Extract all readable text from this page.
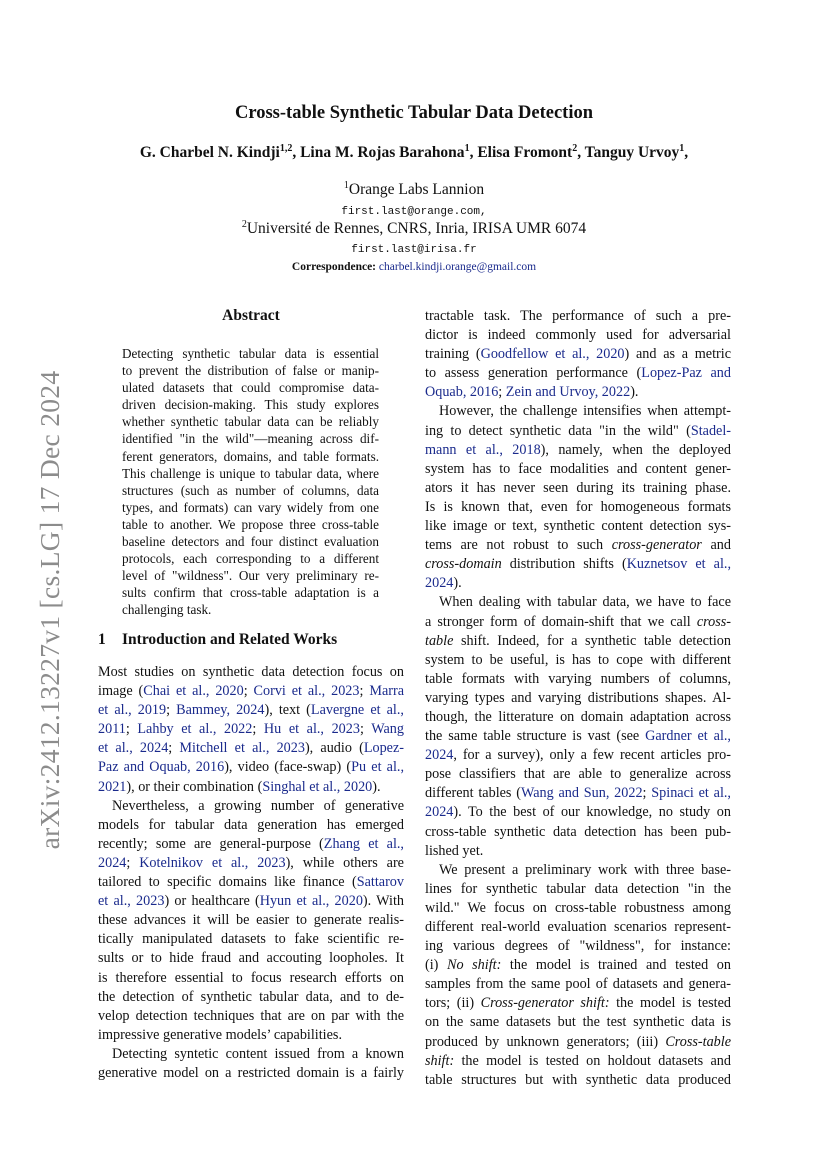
arXiv:2412.13227v1 [cs.LG] 17 Dec 2024
Cross-table Synthetic Tabular Data Detection
G. Charbel N. Kindji$^{1,2}$, Lina M. Rojas Barahona$^1$, Elisa Fromont$^2$, Tanguy Urvoy$^1$,
$^1$Orange Labs Lannion
first.last@orange.com,
$^2$Université de Rennes, CNRS, Inria, IRISA UMR 6074
first.last@irisa.fr
Correspondence: charbel.kindji.orange@gmail.com
Abstract
Detecting synthetic tabular data is essential
to prevent the distribution of false or manip-
ulated datasets that could compromise data-
driven decision-making. This study explores
whether synthetic tabular data can be reliably
identified "in the wild"—meaning across dif-
ferent generators, domains, and table formats.
This challenge is unique to tabular data, where
structures (such as number of columns, data
types, and formats) can vary widely from one
table to another. We propose three cross-table
baseline detectors and four distinct evaluation
protocols, each corresponding to a different
level of "wildness". Our very preliminary re-
sults confirm that cross-table adaptation is a
challenging task.
1 Introduction and Related Works
Most studies on synthetic data detection focus on
image (Chai et al., 2020; Corvi et al., 2023; Marra
et al., 2019; Bammey, 2024), text (Lavergne et al.,
2011; Lahby et al., 2022; Hu et al., 2023; Wang
et al., 2024; Mitchell et al., 2023), audio (Lopez-
Paz and Oquab, 2016), video (face-swap) (Pu et al.,
2021), or their combination (Singhal et al., 2020).
Nevertheless, a growing number of generative
models for tabular data generation has emerged
recently; some are general-purpose (Zhang et al.,
2024; Kotelnikov et al., 2023), while others are
tailored to specific domains like finance (Sattarov
et al., 2023) or healthcare (Hyun et al., 2020). With
these advances it will be easier to generate realis-
tically manipulated datasets to fake scientific re-
sults or to hide fraud and accouting loopholes. It
is therefore essential to focus research efforts on
the detection of synthetic tabular data, and to de-
velop detection techniques that are on par with the
impressive generative models’ capabilities.
Detecting syntetic content issued from a known
generative model on a restricted domain is a fairly
tractable task. The performance of such a pre-
dictor is indeed commonly used for adversarial
training (Goodfellow et al., 2020) and as a metric
to assess generation performance (Lopez-Paz and
Oquab, 2016; Zein and Urvoy, 2022).
However, the challenge intensifies when attempt-
ing to detect synthetic data "in the wild" (Stadel-
mann et al., 2018), namely, when the deployed
system has to face modalities and content gener-
ators it has never seen during its training phase.
Is is known that, even for homogeneous formats
like image or text, synthetic content detection sys-
tems are not robust to such cross-generator and
cross-domain distribution shifts (Kuznetsov et al.,
2024).
When dealing with tabular data, we have to face
a stronger form of domain-shift that we call cross-
table shift. Indeed, for a synthetic table detection
system to be useful, is has to cope with different
table formats with varying numbers of columns,
varying types and varying distributions shapes. Al-
though, the litterature on domain adaptation across
the same table structure is vast (see Gardner et al.,
2024, for a survey), only a few recent articles pro-
pose classifiers that are able to generalize across
different tables (Wang and Sun, 2022; Spinaci et al.,
2024). To the best of our knowledge, no study on
cross-table synthetic data detection has been pub-
lished yet.
We present a preliminary work with three base-
lines for synthetic tabular data detection "in the
wild." We focus on cross-table robustness among
different real-world evaluation scenarios represent-
ing various degrees of "wildness", for instance:
(i) No shift: the model is trained and tested on
samples from the same pool of datasets and genera-
tors; (ii) Cross-generator shift: the model is tested
on the same datasets but the test synthetic data is
produced by unknown generators; (iii) Cross-table
shift: the model is tested on holdout datasets and
table structures but with synthetic data produced
